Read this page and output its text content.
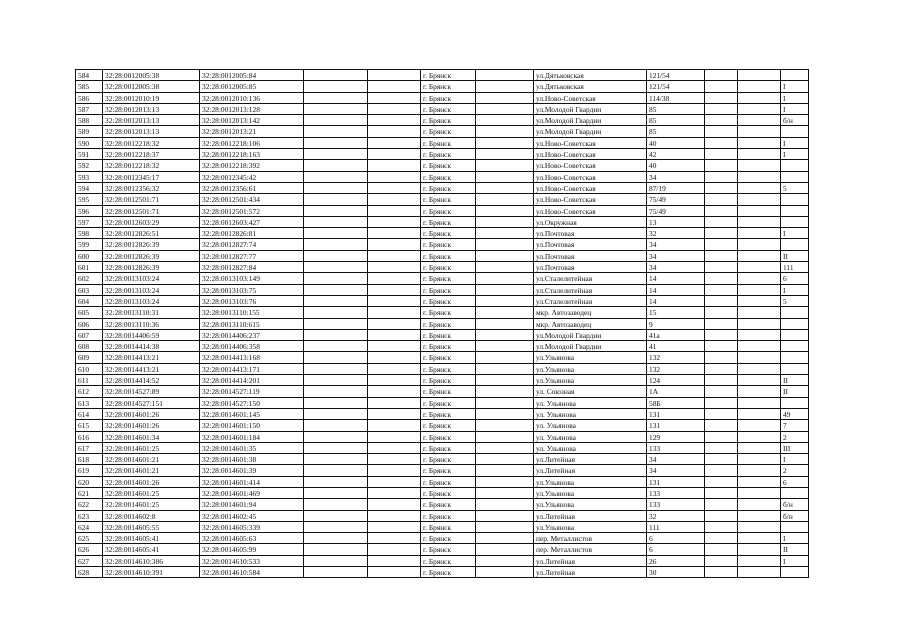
584	32:28:0012005:38	32:28:0012005:84			г. Брянск		ул.Дятьковская	121/54			
585	32:28:0012005:38	32:28:0012005:85			г. Брянск		ул.Дятьковская	121/54			I
586	32:28:0012010:19	32:28:0012010:136			г. Брянск		ул.Ново-Советская	114/38			I
587	32:28:0012013:13	32:28:0012013:128			г. Брянск		ул.Молодой Гвардии	85			I
588	32:28:0012013:13	32:28:0012013:142			г. Брянск		ул.Молодой Гвардии	85			б/н
589	32:28:0012013:13	32:28:0012013:21			г. Брянск		ул.Молодой Гвардии	85			
590	32:28:0012218:32	32:28:0012218:106			г. Брянск		ул.Ново-Советская	40			I
591	32:28:0012218:37	32:28:0012218:163			г. Брянск		ул.Ново-Советская	42			I
592	32:28:0012218:32	32:28:0012218:392			г. Брянск		ул.Ново-Советская	40			
593	32:28:0012345:17	32:28:0012345:42			г. Брянск		ул.Ново-Советская	34			
594	32:28:0012356:32	32:28:0012356:61			г. Брянск		ул.Ново-Советская	87/19			5
595	32:28:0012501:71	32:28:0012501:434			г. Брянск		ул.Ново-Советская	75/49			
596	32:28:0012501:71	32:28:0012501:572			г. Брянск		ул.Ново-Советская	75/49			
597	32:28:0012603:29	32:28:0012603:427			г. Брянск		ул.Окружная	13			
598	32:28:0012826:51	32:28:0012826:81			г. Брянск		ул.Почтовая	32			I
599	32:28:0012826:39	32:28:0012827:74			г. Брянск		ул.Почтовая	34			
600	32:28:0012826:39	32:28:0012827:77			г. Брянск		ул.Почтовая	34			II
601	32:28:0012826:39	32:28:0012827:84			г. Брянск		ул.Почтовая	34			111
602	32:28:0013103:24	32:28:0013103:149			г. Брянск		ул.Сталелитейная	14			6
603	32:28:0013103:24	32:28:0013103:75			г. Брянск		ул.Сталелитейная	14			I
604	32:28:0013103:24	32:28:0013103:76			г. Брянск		ул.Сталелитейная	14			5
605	32:28:0013110:31	32:28:0013110:155			г. Брянск		мкр. Автозаводец	15			
606	32:28:0013110:36	32:28:0013110:615			г. Брянск		мкр. Автозаводец	9			
607	32:28:0014406:59	32:28:0014406:237			г. Брянск		ул.Молодой Гвардии	41а			
608	32:28:0014414:38	32:28:0014406:358			г. Брянск		ул.Молодой Гвардии	41			
609	32:28:0014413:21	32:28:0014413:168			г. Брянск		ул.Ульянова	132			
610	32:28:0014413:21	32:28:0014413:171			г. Брянск		ул.Ульянова	132			
611	32:28:0014414:52	32:28:0014414:201			г. Брянск		ул.Ульянова	124			II
612	32:28:0014527:89	32:28:0014527:119			г. Брянск		ул. Союзная	1А			II
613	32:28:0014527:151	32:28:0014527:150			г. Брянск		ул. Ульянова	58Б			
614	32:28:0014601:26	32:28:0014601:145			г. Брянск		ул. Ульянова	131			49
615	32:28:0014601:26	32:28:0014601:150			г. Брянск		ул. Ульянова	131			7
616	32:28:0014601:34	32:28:0014601:184			г. Брянск		ул. Ульянова	129			2
617	32:28:0014601:25	32:28:0014601:35			г. Брянск		ул. Ульянова	133			III
618	32:28:0014601:21	32:28:0014601:38			г. Брянск		ул.Литейная	34			I
619	32:28:0014601:21	32:28:0014601:39			г. Брянск		ул.Литейная	34			2
620	32:28:0014601:26	32:28:0014601:414			г. Брянск		ул.Ульянова	131			6
621	32:28:0014601:25	32:28:0014601:469			г. Брянск		ул.Ульянова	133			
622	32:28:0014601:25	32:28:0014601:94			г. Брянск		ул.Ульянова	133			б/н
623	32:28:0014602:8	32:28:0014602:45			г. Брянск		ул.Литейная	32			б/н
624	32:28:0014605:55	32:28:0014605:339			г. Брянск		ул.Ульянова	111			
625	32:28:0014605:41	32:28:0014605:63			г. Брянск		пер. Металлистов	6			I
626	32:28:0014605:41	32:28:0014605:99			г. Брянск		пер. Металлистов	6			II
627	32:28:0014610:386	32:28:0014610:533			г. Брянск		ул.Литейная	26			I
628	32:28:0014610:391	32:28:0014610:584			г. Брянск		ул.Литейная	30			
